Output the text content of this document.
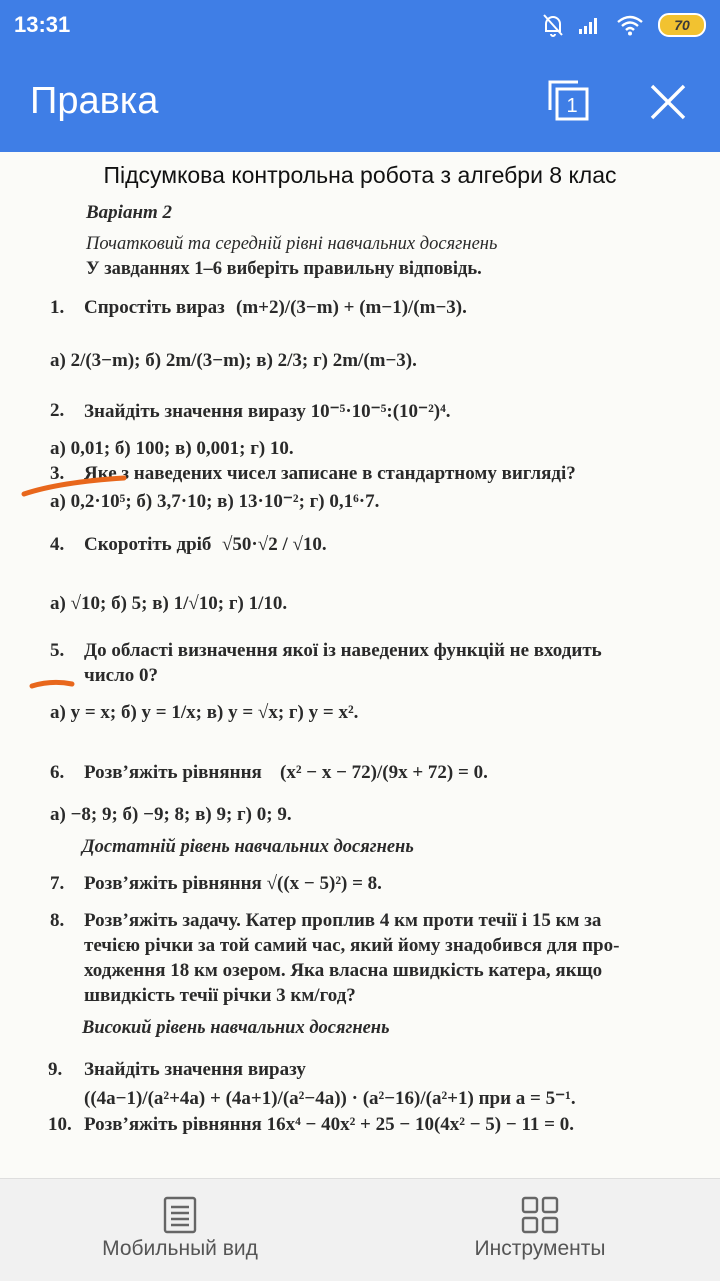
13:31	70
Правка	1
Підсумкова контрольна робота з алгебри 8 клас
Варіант 2
Початковий та середній рівні навчальних досягнень
У завданнях 1–6 виберіть правильну відповідь.
1. Спростіть вираз (m+2)/(3−m) + (m−1)/(m−3).
а) 2/(3−m); б) 2m/(3−m); в) 2/3; г) 2m/(m−3).
2. Знайдіть значення виразу 10⁻⁵·10⁻⁵:(10⁻²)⁴.
а) 0,01; б) 100; в) 0,001; г) 10.
3. Яке з наведених чисел записане в стандартному вигляді?
а) 0,2·10⁵; б) 3,7·10; в) 13·10⁻²; г) 0,1⁶·7.
4. Скоротіть дріб √50·√2 / √10.
а) √10; б) 5; в) 1/√10; г) 1/10.
5. До області визначення якої із наведених функцій не входить
число 0?
а) y = x; б) y = 1/x; в) y = √x; г) y = x².
6. Розв’яжіть рівняння (x² − x − 72)/(9x + 72) = 0.
а) −8; 9; б) −9; 8; в) 9; г) 0; 9.
Достатній рівень навчальних досягнень
7. Розв’яжіть рівняння √((x − 5)²) = 8.
8. Розв’яжіть задачу. Катер проплив 4 км проти течії і 15 км за
течією річки за той самий час, який йому знадобився для про-
ходження 18 км озером. Яка власна швидкість катера, якщо
швидкість течії річки 3 км/год?
Високий рівень навчальних досягнень
9. Знайдіть значення виразу
((4a−1)/(a²+4a) + (4a+1)/(a²−4a)) · (a²−16)/(a²+1) при a = 5⁻¹.
10. Розв’яжіть рівняння 16x⁴ − 40x² + 25 − 10(4x² − 5) − 11 = 0.
Мобильный вид	Инструменты
